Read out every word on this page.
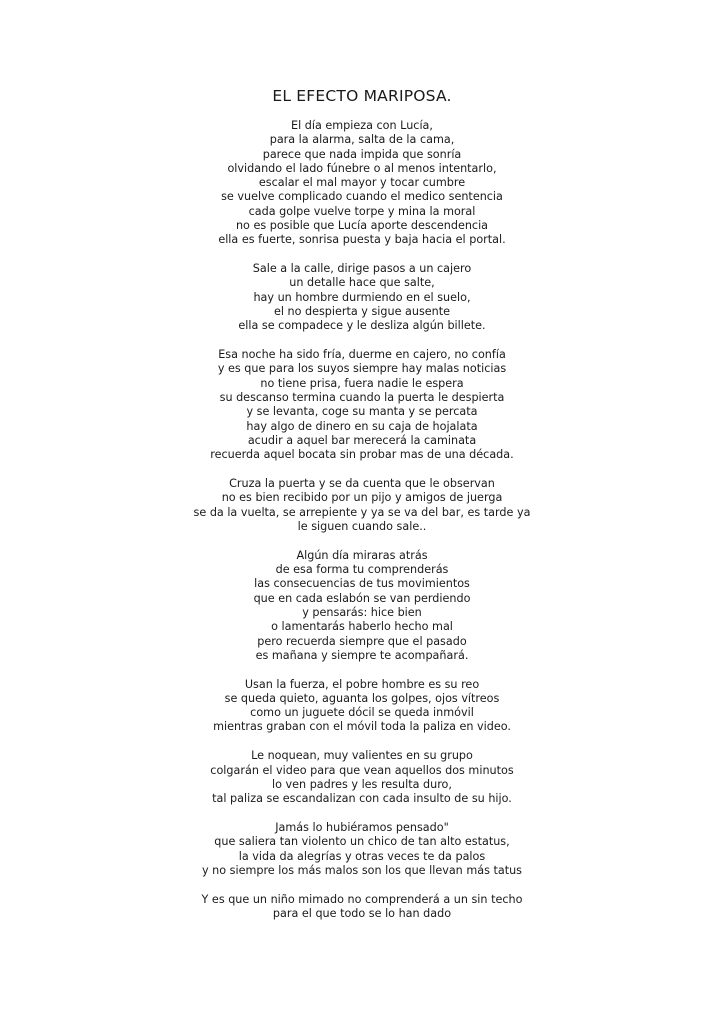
EL EFECTO MARIPOSA.
El día empieza con Lucía,
para la alarma, salta de la cama,
parece que nada impida que sonría
olvidando el lado fúnebre o al menos intentarlo,
escalar el mal mayor y tocar cumbre
se vuelve complicado cuando el medico sentencia
cada golpe vuelve torpe y mina la moral
no es posible que Lucía aporte descendencia
ella es fuerte, sonrisa puesta y baja hacia el portal.
Sale a la calle, dirige pasos a un cajero
un detalle hace que salte,
hay un hombre durmiendo en el suelo,
el no despierta y sigue ausente
ella se compadece y le desliza algún billete.
Esa noche ha sido fría, duerme en cajero, no confía
y es que para los suyos siempre hay malas noticias
no tiene prisa, fuera nadie le espera
su descanso termina cuando la puerta le despierta
y se levanta, coge su manta y se percata
hay algo de dinero en su caja de hojalata
acudir a aquel bar merecerá la caminata
recuerda aquel bocata sin probar mas de una década.
Cruza la puerta y se da cuenta que le observan
no es bien recibido por un pijo y amigos de juerga
se da la vuelta, se arrepiente y ya se va del bar, es tarde ya
le siguen cuando sale..
Algún día miraras atrás
de esa forma tu comprenderás
las consecuencias de tus movimientos
que en cada eslabón se van perdiendo
y pensarás: hice bien
o lamentarás haberlo hecho mal
pero recuerda siempre que el pasado
es mañana y siempre te acompañará.
Usan la fuerza, el pobre hombre es su reo
se queda quieto, aguanta los golpes, ojos vítreos
como un juguete dócil se queda inmóvil
mientras graban con el móvil toda la paliza en video.
Le noquean, muy valientes en su grupo
colgarán el video para que vean aquellos dos minutos
lo ven padres y les resulta duro,
tal paliza se escandalizan con cada insulto de su hijo.
Jamás lo hubiéramos pensado"
que saliera tan violento un chico de tan alto estatus,
la vida da alegrías y otras veces te da palos
y no siempre los más malos son los que llevan más tatus
Y es que un niño mimado no comprenderá a un sin techo
para el que todo se lo han dado
